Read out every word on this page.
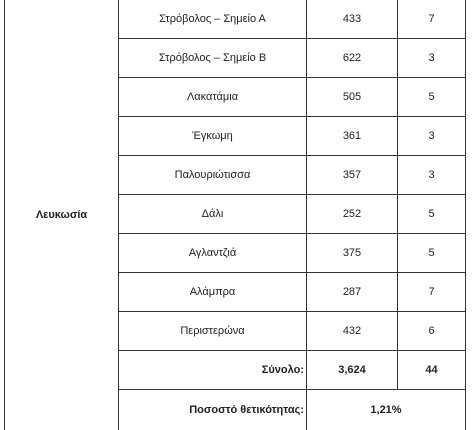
Λευκωσία	Στρόβολος – Σημείο Α	433	7
	Στρόβολος – Σημείο Β	622	3
	Λακατάμια	505	5
	Έγκωμη	361	3
	Παλουριώτισσα	357	3
	Δάλι	252	5
	Αγλαντζιά	375	5
	Αλάμπρα	287	7
	Περιστερώνα	432	6
	Σύνολο:	3,624	44
	Ποσοστό θετικότητας:	1,21%	
